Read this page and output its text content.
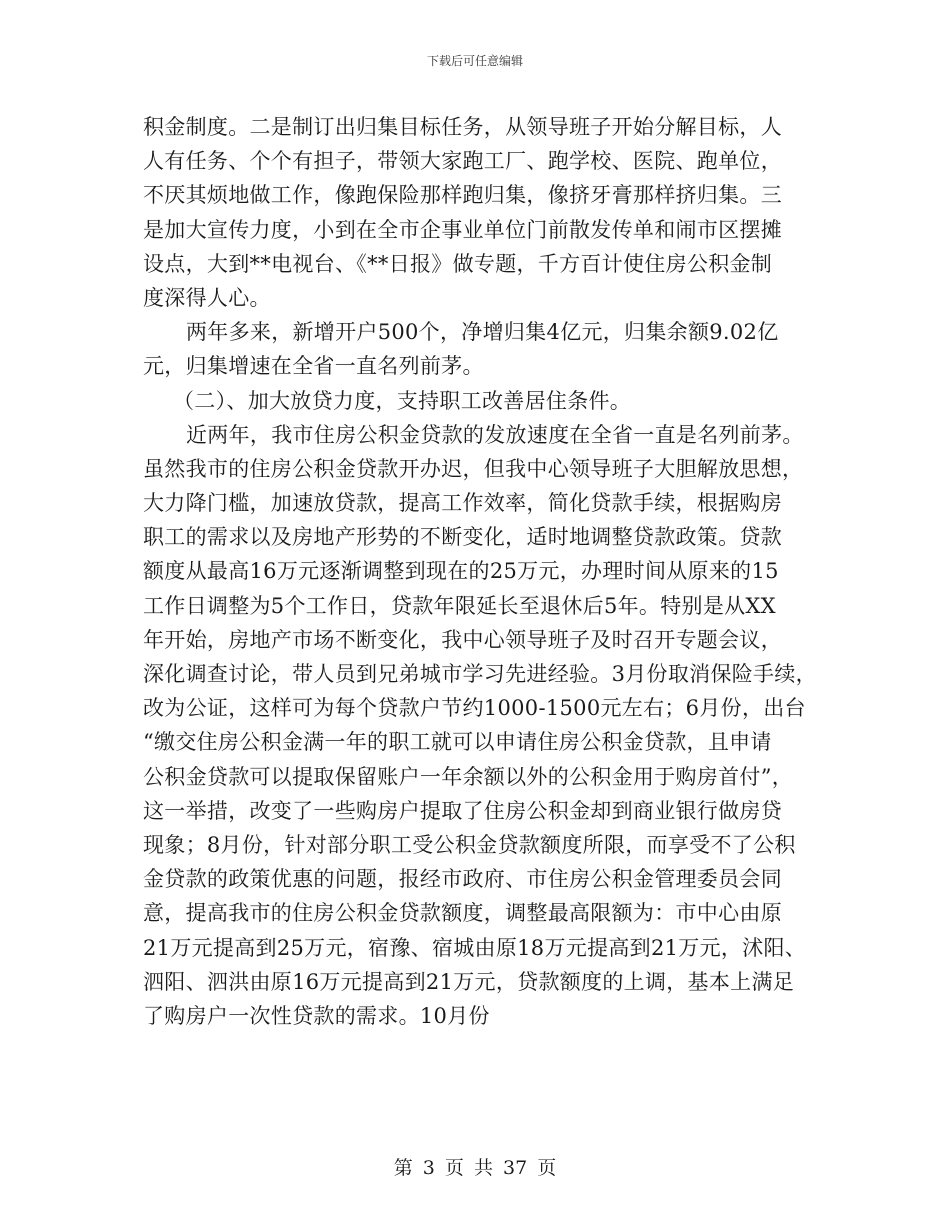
下载后可任意编辑
积金制度。二是制订出归集目标任务，从领导班子开始分解目标，人
人有任务、个个有担子，带领大家跑工厂、跑学校、医院、跑单位，
不厌其烦地做工作，像跑保险那样跑归集，像挤牙膏那样挤归集。三
是加大宣传力度，小到在全市企事业单位门前散发传单和闹市区摆摊
设点，大到**电视台、《**日报》做专题，千方百计使住房公积金制
度深得人心。
两年多来，新增开户500个，净增归集4亿元，归集余额9.02亿
元，归集增速在全省一直名列前茅。
（二）、加大放贷力度，支持职工改善居住条件。
近两年，我市住房公积金贷款的发放速度在全省一直是名列前茅。
虽然我市的住房公积金贷款开办迟，但我中心领导班子大胆解放思想，
大力降门槛，加速放贷款，提高工作效率，简化贷款手续，根据购房
职工的需求以及房地产形势的不断变化，适时地调整贷款政策。贷款
额度从最高16万元逐渐调整到现在的25万元，办理时间从原来的15
工作日调整为5个工作日，贷款年限延长至退休后5年。特别是从XX
年开始，房地产市场不断变化，我中心领导班子及时召开专题会议，
深化调查讨论，带人员到兄弟城市学习先进经验。3月份取消保险手续，
改为公证，这样可为每个贷款户节约1000-1500元左右；6月份，出台
“缴交住房公积金满一年的职工就可以申请住房公积金贷款，且申请
公积金贷款可以提取保留账户一年余额以外的公积金用于购房首付”，
这一举措，改变了一些购房户提取了住房公积金却到商业银行做房贷
现象；8月份，针对部分职工受公积金贷款额度所限，而享受不了公积
金贷款的政策优惠的问题，报经市政府、市住房公积金管理委员会同
意，提高我市的住房公积金贷款额度，调整最高限额为：市中心由原
21万元提高到25万元，宿豫、宿城由原18万元提高到21万元，沭阳、
泗阳、泗洪由原16万元提高到21万元，贷款额度的上调，基本上满足
了购房户一次性贷款的需求。10月份
第 3 页 共 37 页
